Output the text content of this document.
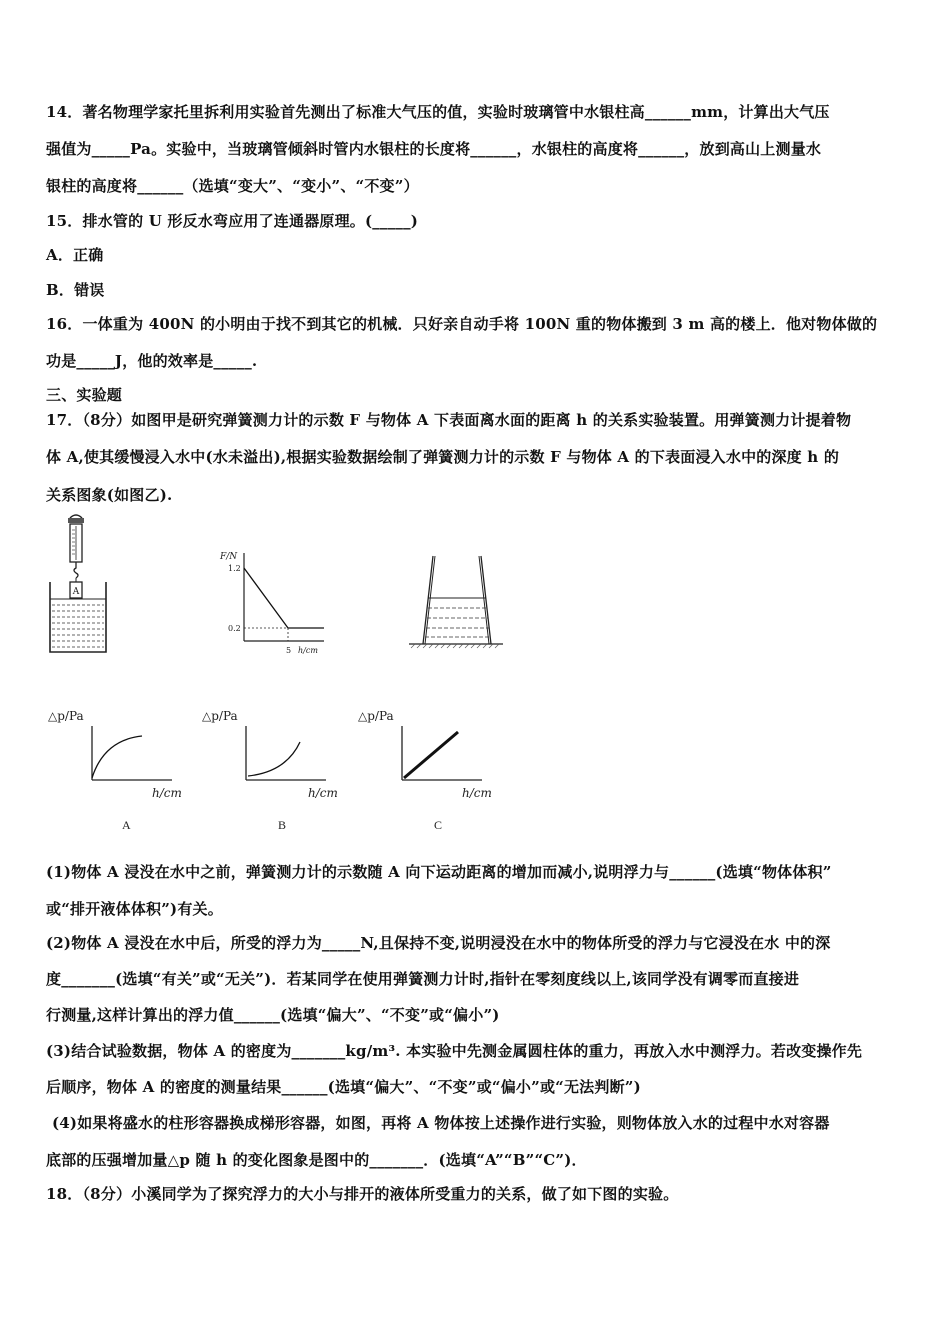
14．著名物理学家托里拆利用实验首先测出了标准大气压的值，实验时玻璃管中水银柱高______mm，计算出大气压
强值为_____Pa。实验中，当玻璃管倾斜时管内水银柱的长度将______，水银柱的高度将______，放到高山上测量水
银柱的高度将______（选填“变大”、“变小”、“不变”）
15．排水管的 U 形反水弯应用了连通器原理。(_____)
A．正确
B．错误
16．一体重为 400N 的小明由于找不到其它的机械．只好亲自动手将 100N 重的物体搬到 3 m 高的楼上．他对物体做的
功是_____J，他的效率是_____.
三、实验题
17．（8分）如图甲是研究弹簧测力计的示数 F 与物体 A 下表面离水面的距离 h 的关系实验装置。用弹簧测力计提着物
体 A,使其缓慢浸入水中(水未溢出),根据实验数据绘制了弹簧测力计的示数 F 与物体 A 的下表面浸入水中的深度 h 的
关系图象(如图乙).
A
F/N
h/cm
1.2
0.2
5
△p/Pa
h/cm
A
△p/Pa
h/cm
B
△p/Pa
h/cm
C
(1)物体 A 浸没在水中之前，弹簧测力计的示数随 A 向下运动距离的增加而减小,说明浮力与______(选填“物体体积”
或“排开液体体积”)有关。
(2)物体 A 浸没在水中后，所受的浮力为_____N,且保持不变,说明浸没在水中的物体所受的浮力与它浸没在水 中的深
度_______(选填“有关”或“无关”)．若某同学在使用弹簧测力计时,指针在零刻度线以上,该同学没有调零而直接进
行测量,这样计算出的浮力值______(选填“偏大”、“不变”或“偏小”)
(3)结合试验数据，物体 A 的密度为_______kg/m³. 本实验中先测金属圆柱体的重力，再放入水中测浮力。若改变操作先
后顺序，物体 A 的密度的测量结果______(选填“偏大”、“不变”或“偏小”或“无法判断”)
(4)如果将盛水的柱形容器换成梯形容器，如图，再将 A 物体按上述操作进行实验，则物体放入水的过程中水对容器
底部的压强增加量△p 随 h 的变化图象是图中的_______．(选填“A”“B”“C”)．
18．（8分）小溪同学为了探究浮力的大小与排开的液体所受重力的关系，做了如下图的实验。
